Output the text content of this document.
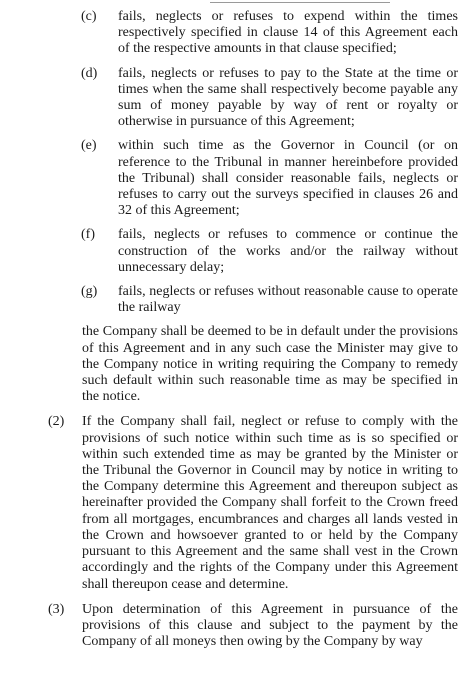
(c) fails, neglects or refuses to expend within the times respectively specified in clause 14 of this Agreement each of the respective amounts in that clause specified;
(d) fails, neglects or refuses to pay to the State at the time or times when the same shall respectively become payable any sum of money payable by way of rent or royalty or otherwise in pursuance of this Agreement;
(e) within such time as the Governor in Council (or on reference to the Tribunal in manner hereinbefore provided the Tribunal) shall consider reasonable fails, neglects or refuses to carry out the surveys specified in clauses 26 and 32 of this Agreement;
(f) fails, neglects or refuses to commence or continue the construction of the works and/or the railway without unnecessary delay;
(g) fails, neglects or refuses without reasonable cause to operate the railway
the Company shall be deemed to be in default under the provisions of this Agreement and in any such case the Minister may give to the Company notice in writing requiring the Company to remedy such default within such reasonable time as may be specified in the notice.
(2) If the Company shall fail, neglect or refuse to comply with the provisions of such notice within such time as is so specified or within such extended time as may be granted by the Minister or the Tribunal the Governor in Council may by notice in writing to the Company determine this Agreement and thereupon subject as hereinafter provided the Company shall forfeit to the Crown freed from all mortgages, encumbrances and charges all lands vested in the Crown and howsoever granted to or held by the Company pursuant to this Agreement and the same shall vest in the Crown accordingly and the rights of the Company under this Agreement shall thereupon cease and determine.
(3) Upon determination of this Agreement in pursuance of the provisions of this clause and subject to the payment by the Company of all moneys then owing by the Company by way
